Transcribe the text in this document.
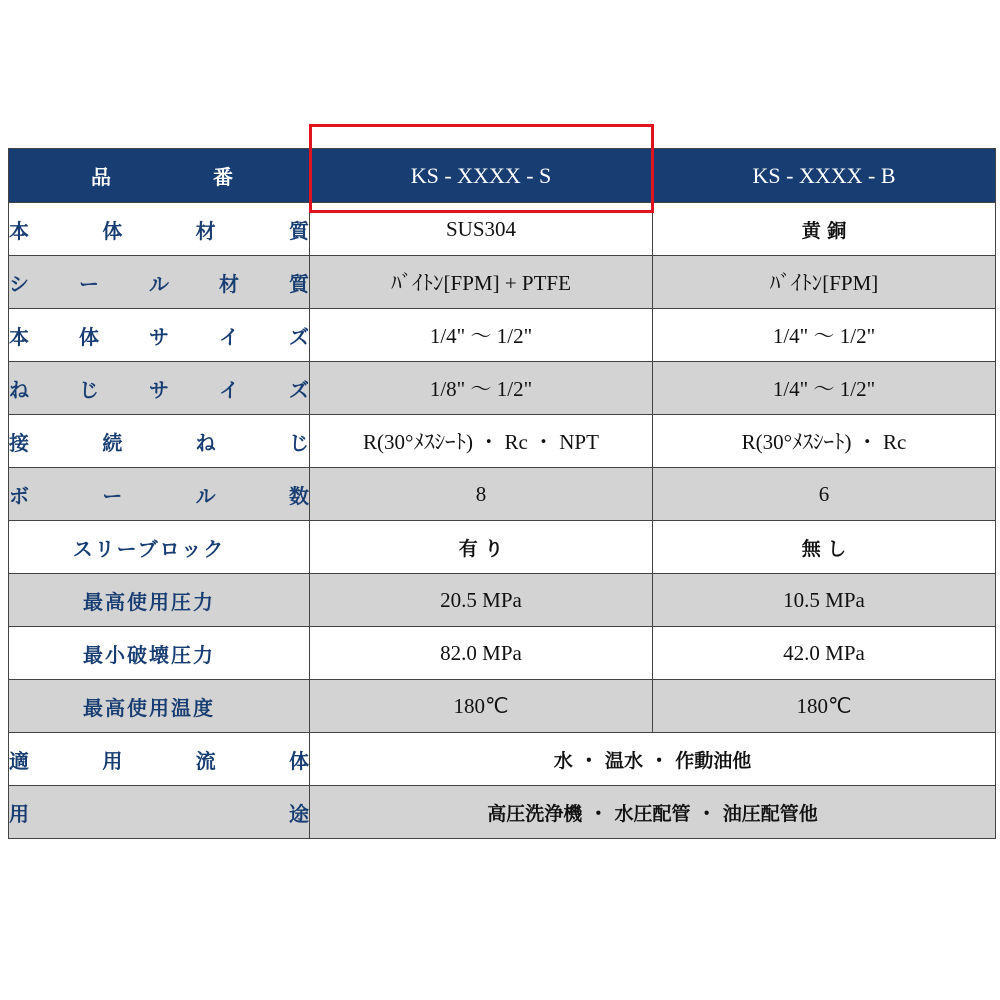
品 番	KS - XXXX - S	KS - XXXX - B

本 体 材 質	SUS304	黄 銅

シ ー ル 材 質	ﾊﾞｲﾄﾝ[FPM] + PTFE	ﾊﾞｲﾄﾝ[FPM]

本 体 サ イ ズ	1/4" ～ 1/2"	1/4" ～ 1/2"

ね じ サ イ ズ	1/8" ～ 1/2"	1/4" ～ 1/2"

接 続 ね じ	R(30°ﾒｽｼｰﾄ) ・ Rc ・ NPT	R(30°ﾒｽｼｰﾄ) ・ Rc

ボ ー ル 数	8	6
スリーブロック	有 り	無 し
最高使用圧力	20.5 MPa	10.5 MPa
最小破壊圧力	82.0 MPa	42.0 MPa
最高使用温度	180℃	180℃

適 用 流 体	水 ・ 温水 ・ 作動油他	

用 途	高圧洗浄機 ・ 水圧配管 ・ 油圧配管他	
